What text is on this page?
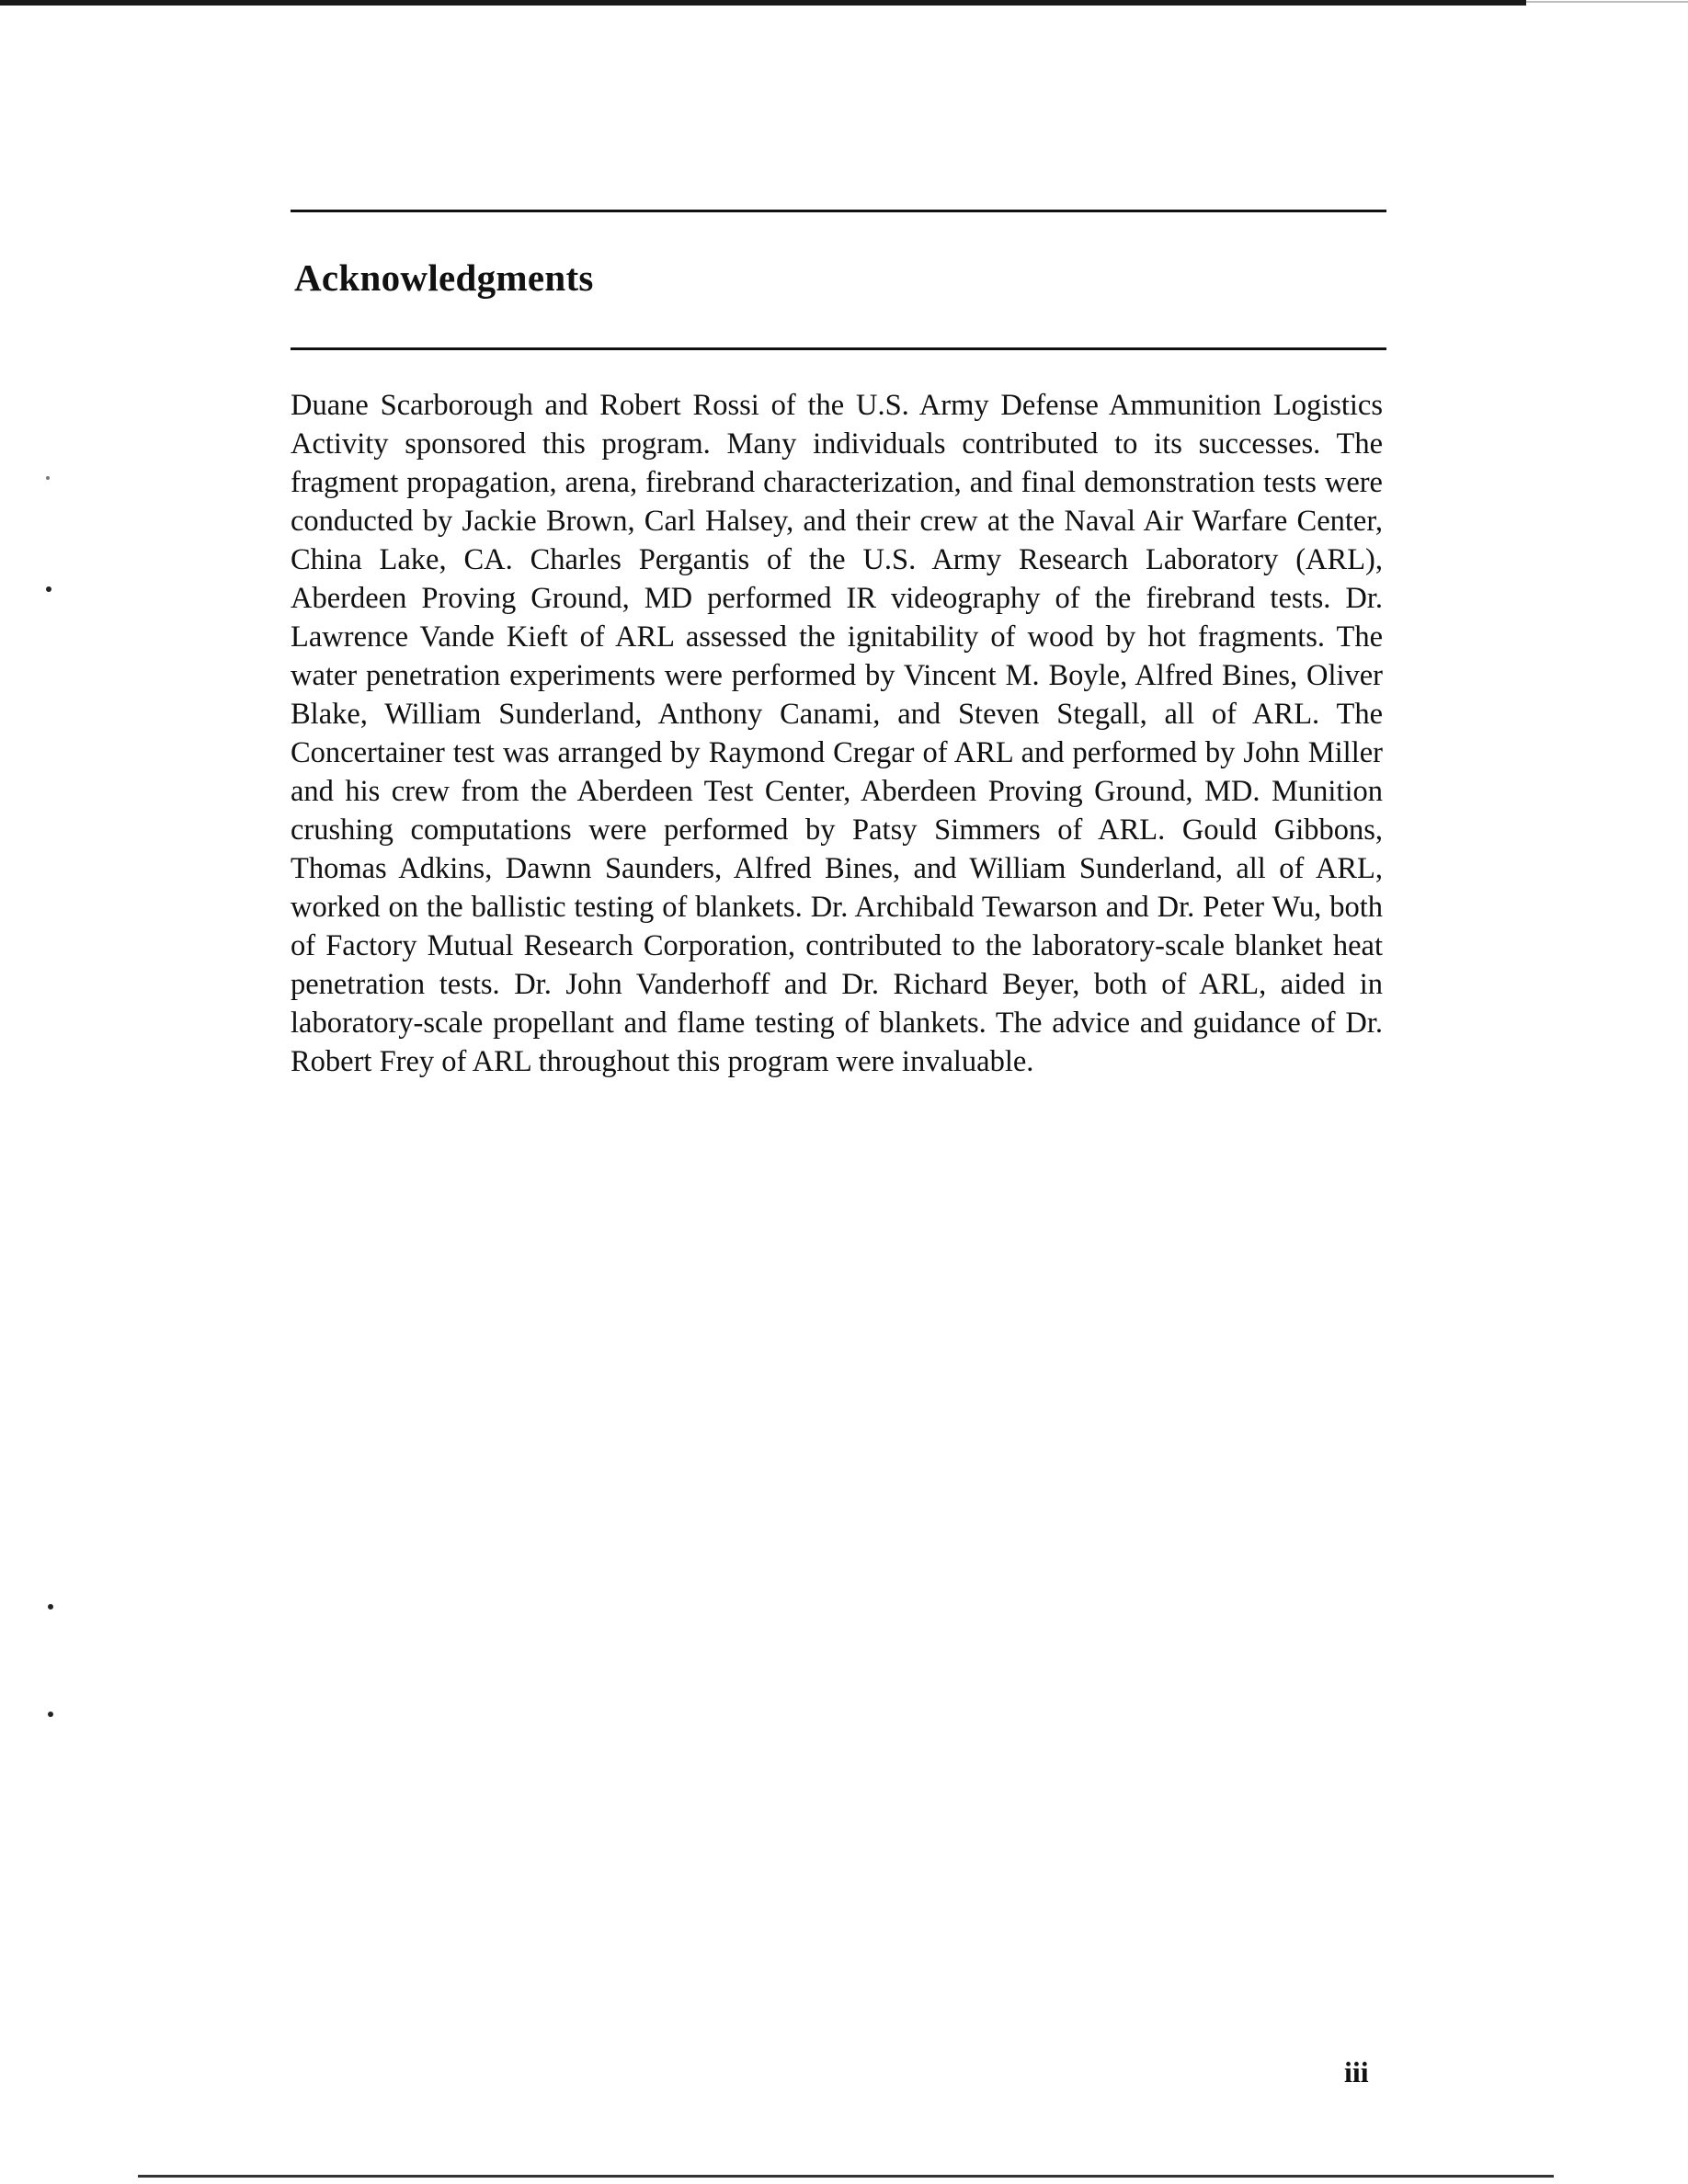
Acknowledgments

Duane Scarborough and Robert Rossi of the U.S. Army Defense Ammunition Logistics Activity sponsored this program. Many individuals contributed to its successes. The fragment propagation, arena, firebrand characterization, and final demonstration tests were conducted by Jackie Brown, Carl Halsey, and their crew at the Naval Air Warfare Center, China Lake, CA. Charles Pergantis of the U.S. Army Research Laboratory (ARL), Aberdeen Proving Ground, MD performed IR videography of the firebrand tests. Dr. Lawrence Vande Kieft of ARL assessed the ignitability of wood by hot fragments. The water penetration experiments were performed by Vincent M. Boyle, Alfred Bines, Oliver Blake, William Sunderland, Anthony Canami, and Steven Stegall, all of ARL. The Concertainer test was arranged by Raymond Cregar of ARL and performed by John Miller and his crew from the Aberdeen Test Center, Aberdeen Proving Ground, MD. Munition crushing computations were performed by Patsy Simmers of ARL. Gould Gibbons, Thomas Adkins, Dawnn Saunders, Alfred Bines, and William Sunderland, all of ARL, worked on the ballistic testing of blankets. Dr. Archibald Tewarson and Dr. Peter Wu, both of Factory Mutual Research Corporation, contributed to the laboratory-scale blanket heat penetration tests. Dr. John Vanderhoff and Dr. Richard Beyer, both of ARL, aided in laboratory-scale propellant and flame testing of blankets. The advice and guidance of Dr. Robert Frey of ARL throughout this program were invaluable.

iii
